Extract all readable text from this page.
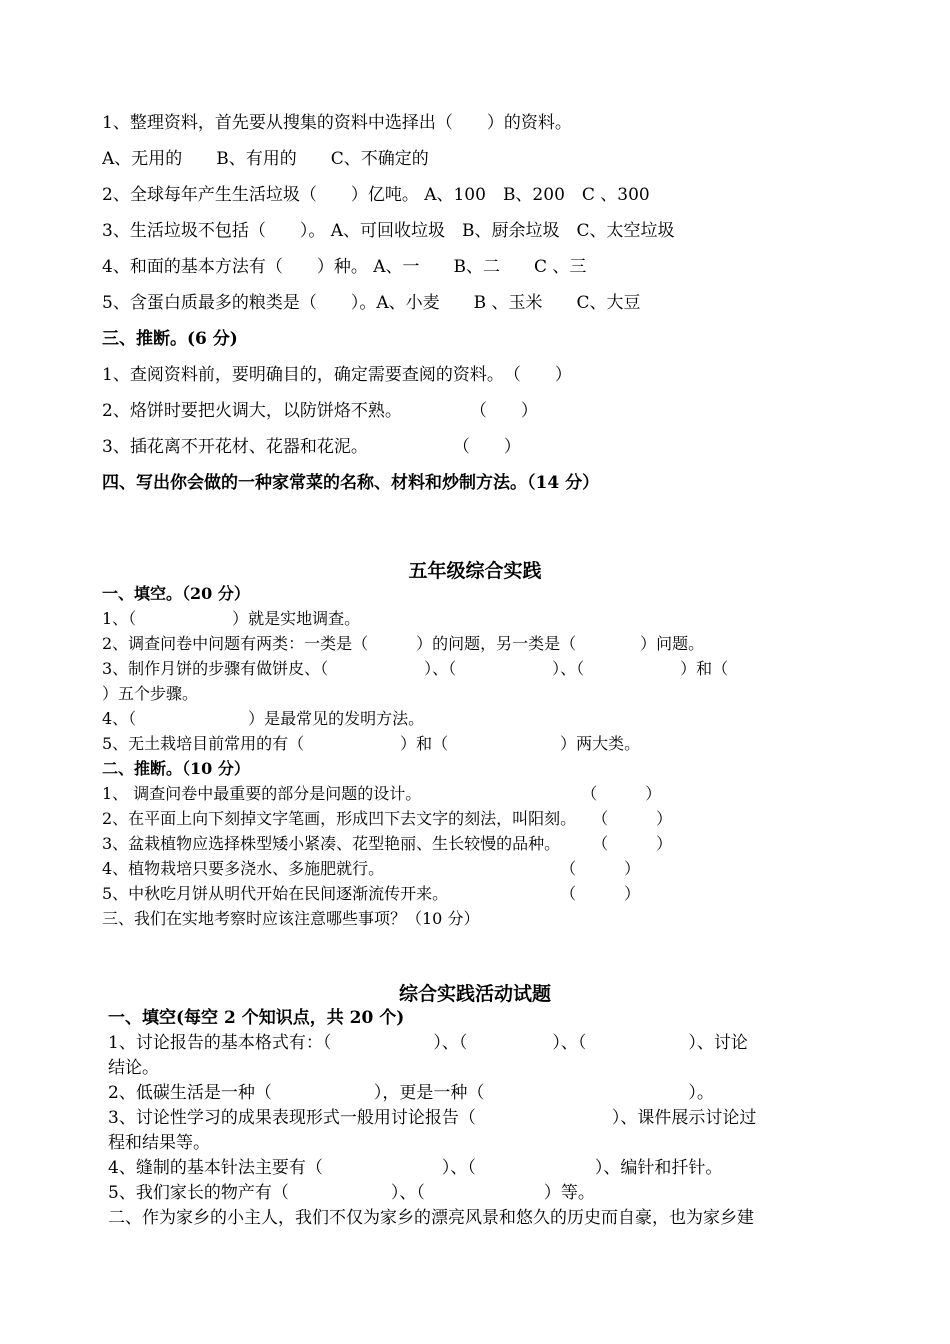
1、整理资料，首先要从搜集的资料中选择出（　　）的资料。
A、无用的　　B、有用的　　C、不确定的
2、全球每年产生生活垃圾（　　）亿吨。 A、100　B、200　C 、300
3、生活垃圾不包括（　　）。 A、可回收垃圾　B、厨余垃圾　C、太空垃圾
4、和面的基本方法有（　　）种。 A、一　　B、二　　C 、三
5、含蛋白质最多的粮类是（　　）。A、小麦　　B 、玉米　　C、大豆
三、推断。(6 分)
1、查阅资料前，要明确目的，确定需要查阅的资料。　（　　）
2、烙饼时要把火调大，以防饼烙不熟。　　　　　（　　）
3、插花离不开花材、花器和花泥。　　　　　　（　　）
四、写出你会做的一种家常菜的名称、材料和炒制方法。（14 分）
五年级综合实践
一、填空。（20 分）
1、（　　　　　　）就是实地调查。
2、调查问卷中问题有两类：一类是（　　　）的问题，另一类是（　　　　）问题。
3、制作月饼的步骤有做饼皮、（　　　　　　）、（　　　　　　）、（　　　　　　）和（
）五个步骤。
4、（　　　　　　　）是最常见的发明方法。
5、无土栽培目前常用的有（　　　　　　）和（　　　　　　　）两大类。
二、推断。（10 分）
1、 调查问卷中最重要的部分是问题的设计。　　　　　　　　　　　（　　　）
2、在平面上向下刻掉文字笔画，形成凹下去文字的刻法，叫阳刻。　　（　　　）
3、盆栽植物应选择株型矮小紧凑、花型艳丽、生长较慢的品种。　　　（　　　）
4、植物栽培只要多浇水、多施肥就行。　　　　　　　　　　　　（　　　）
5、中秋吃月饼从明代开始在民间逐渐流传开来。　　　　　　　　（　　　）
三、我们在实地考察时应该注意哪些事项？（10 分）
综合实践活动试题
一、填空(每空 2 个知识点，共 20 个)
1、讨论报告的基本格式有：（　　　　　　）、（　　　　　）、（　　　　　　）、讨论
结论。
2、低碳生活是一种（　　　　　　），更是一种（　　　　　　　　　　　　）。
3、讨论性学习的成果表现形式一般用讨论报告（　　　　　　　　）、课件展示讨论过
程和结果等。
4、缝制的基本针法主要有（　　　　　　　）、（　　　　　　　）、编针和扦针。
5、我们家长的物产有（　　　　　　）、（　　　　　　　）等。
二、作为家乡的小主人，我们不仅为家乡的漂亮风景和悠久的历史而自豪，也为家乡建
